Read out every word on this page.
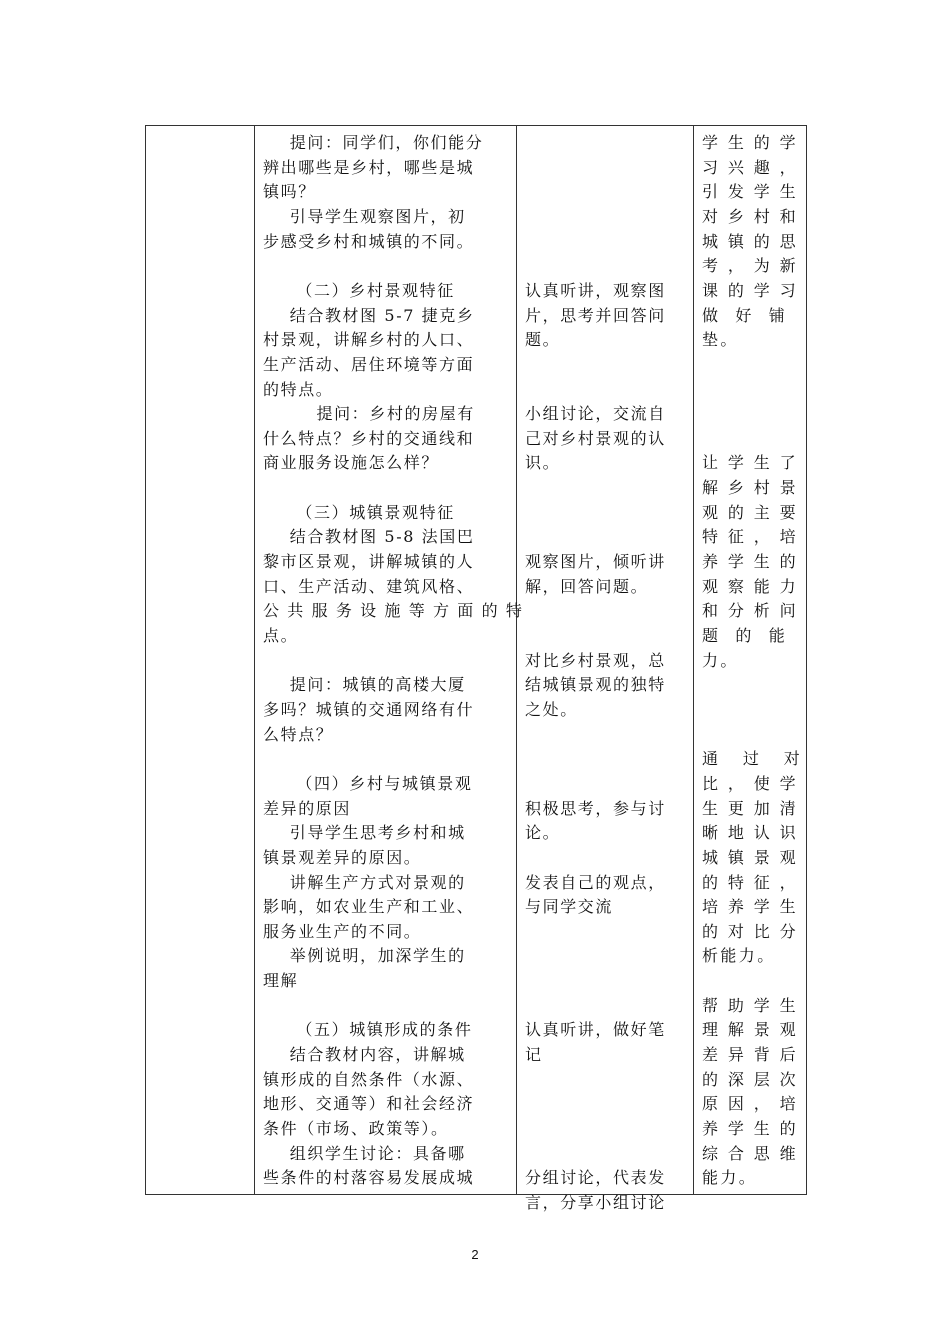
提问：同学们，你们能分
辨出哪些是乡村，哪些是城
镇吗？
引导学生观察图片，初
步感受乡村和城镇的不同。
（二）乡村景观特征
结合教材图 5-7 捷克乡
村景观，讲解乡村的人口、
生产活动、居住环境等方面
的特点。
提问：乡村的房屋有
什么特点？乡村的交通线和
商业服务设施怎么样？
（三）城镇景观特征
结合教材图 5-8 法国巴
黎市区景观，讲解城镇的人
口、生产活动、建筑风格、
公 共 服 务 设 施 等 方 面 的 特
点。
提问：城镇的高楼大厦
多吗？城镇的交通网络有什
么特点？
（四）乡村与城镇景观
差异的原因
引导学生思考乡村和城
镇景观差异的原因。
讲解生产方式对景观的
影响，如农业生产和工业、
服务业生产的不同。
举例说明，加深学生的
理解
（五）城镇形成的条件
结合教材内容，讲解城
镇形成的自然条件（水源、
地形、交通等）和社会经济
条件（市场、政策等）。
组织学生讨论：具备哪
些条件的村落容易发展成城
认真听讲，观察图
片，思考并回答问
题。
小组讨论，交流自
己对乡村景观的认
识。
观察图片，倾听讲
解，回答问题。
对比乡村景观，总
结城镇景观的独特
之处。
积极思考，参与讨
论。
发表自己的观点，
与同学交流
认真听讲，做好笔
记
分组讨论，代表发
言，分享小组讨论
学 生 的 学
习 兴 趣 ，
引 发 学 生
对 乡 村 和
城 镇 的 思
考 ， 为 新
课 的 学 习
做  好  铺
垫。
让 学 生 了
解 乡 村 景
观 的 主 要
特 征 ， 培
养 学 生 的
观 察 能 力
和 分 析 问
题  的  能
力。
通   过   对
比 ， 使 学
生 更 加 清
晰 地 认 识
城 镇 景 观
的 特 征 ，
培 养 学 生
的 对 比 分
析能力。
帮 助 学 生
理 解 景 观
差 异 背 后
的 深 层 次
原 因 ， 培
养 学 生 的
综 合 思 维
能力。
2
